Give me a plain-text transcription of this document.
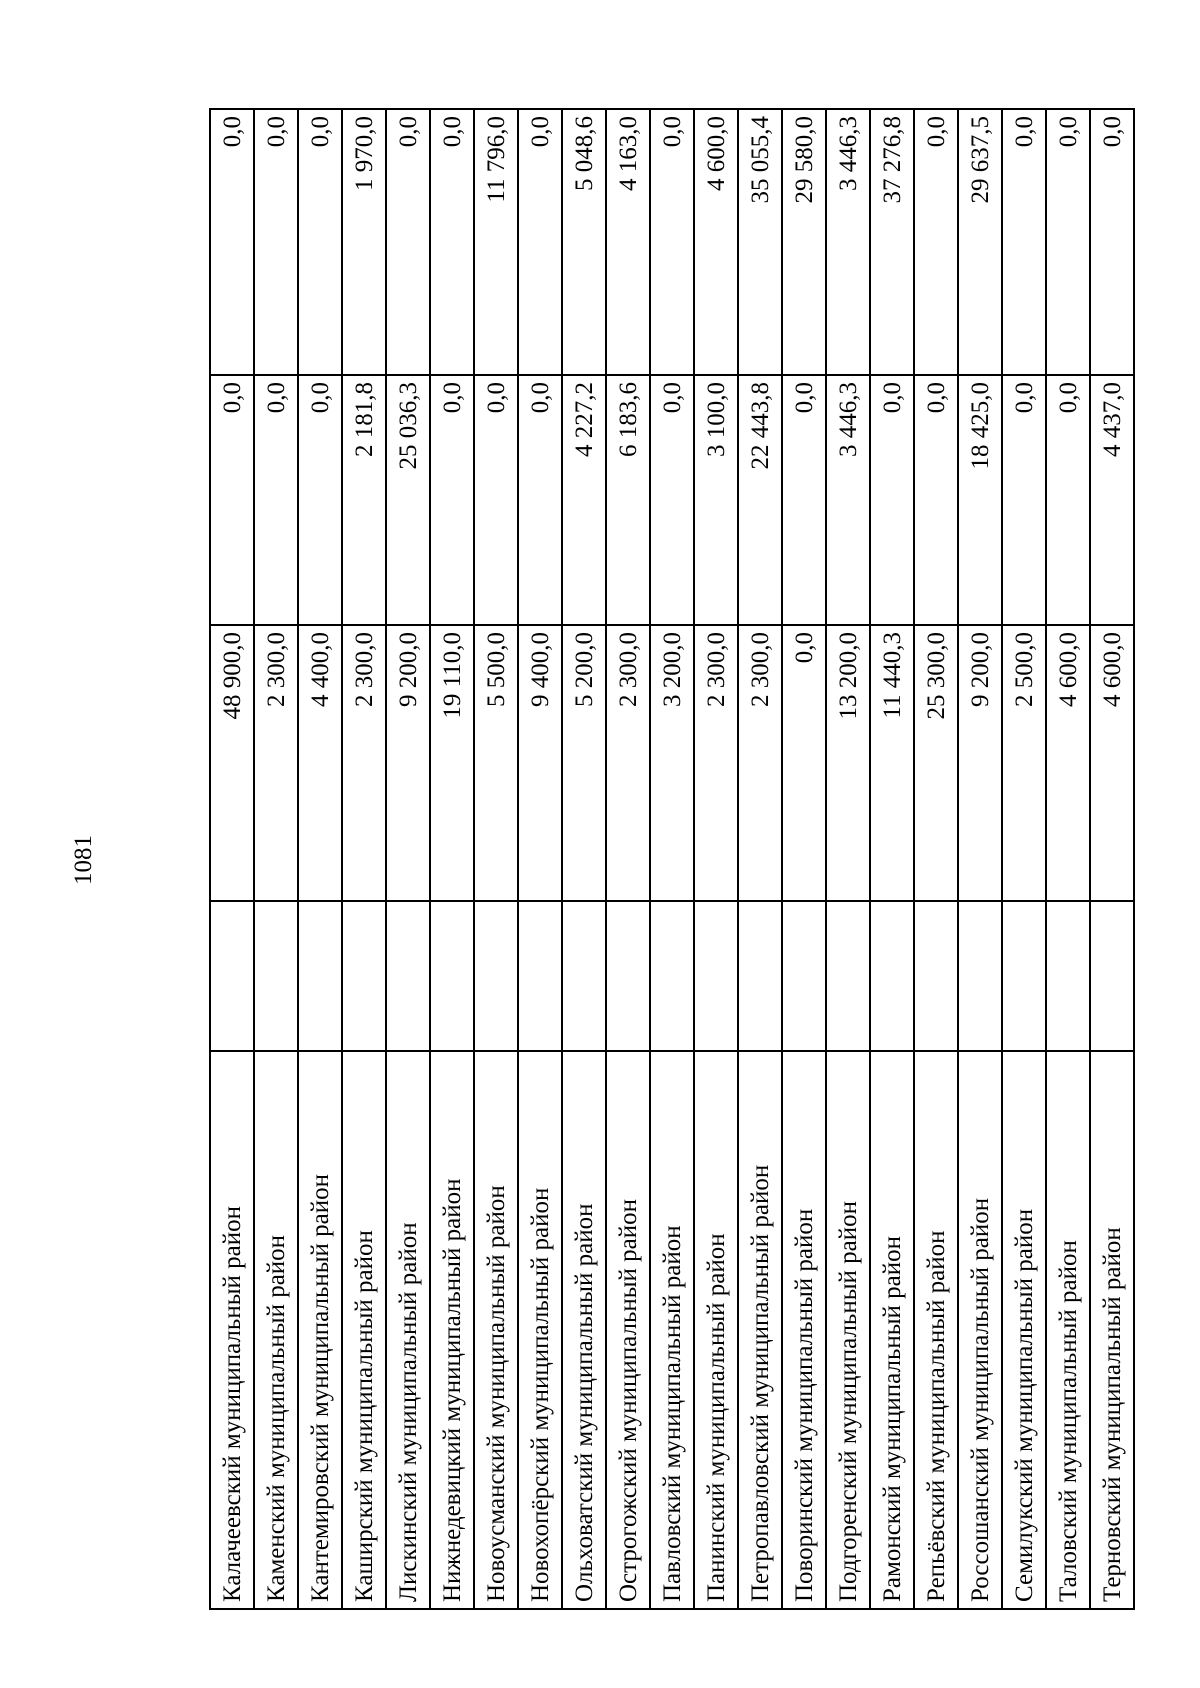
1081
Калачеевский муниципальный район		48 900,0	0,0	0,0
Каменский муниципальный район		2 300,0	0,0	0,0
Кантемировский муниципальный район		4 400,0	0,0	0,0
Каширский муниципальный район		2 300,0	2 181,8	1 970,0
Лискинский муниципальный район		9 200,0	25 036,3	0,0
Нижнедевицкий муниципальный район		19 110,0	0,0	0,0
Новоусманский муниципальный район		5 500,0	0,0	11 796,0
Новохопёрский муниципальный район		9 400,0	0,0	0,0
Ольховатский муниципальный район		5 200,0	4 227,2	5 048,6
Острогожский муниципальный район		2 300,0	6 183,6	4 163,0
Павловский муниципальный район		3 200,0	0,0	0,0
Панинский муниципальный район		2 300,0	3 100,0	4 600,0
Петропавловский муниципальный район		2 300,0	22 443,8	35 055,4
Поворинский муниципальный район		0,0	0,0	29 580,0
Подгоренский муниципальный район		13 200,0	3 446,3	3 446,3
Рамонский муниципальный район		11 440,3	0,0	37 276,8
Репьёвский муниципальный район		25 300,0	0,0	0,0
Россошанский муниципальный район		9 200,0	18 425,0	29 637,5
Семилукский муниципальный район		2 500,0	0,0	0,0
Таловский муниципальный район		4 600,0	0,0	0,0
Терновский муниципальный район		4 600,0	4 437,0	0,0
